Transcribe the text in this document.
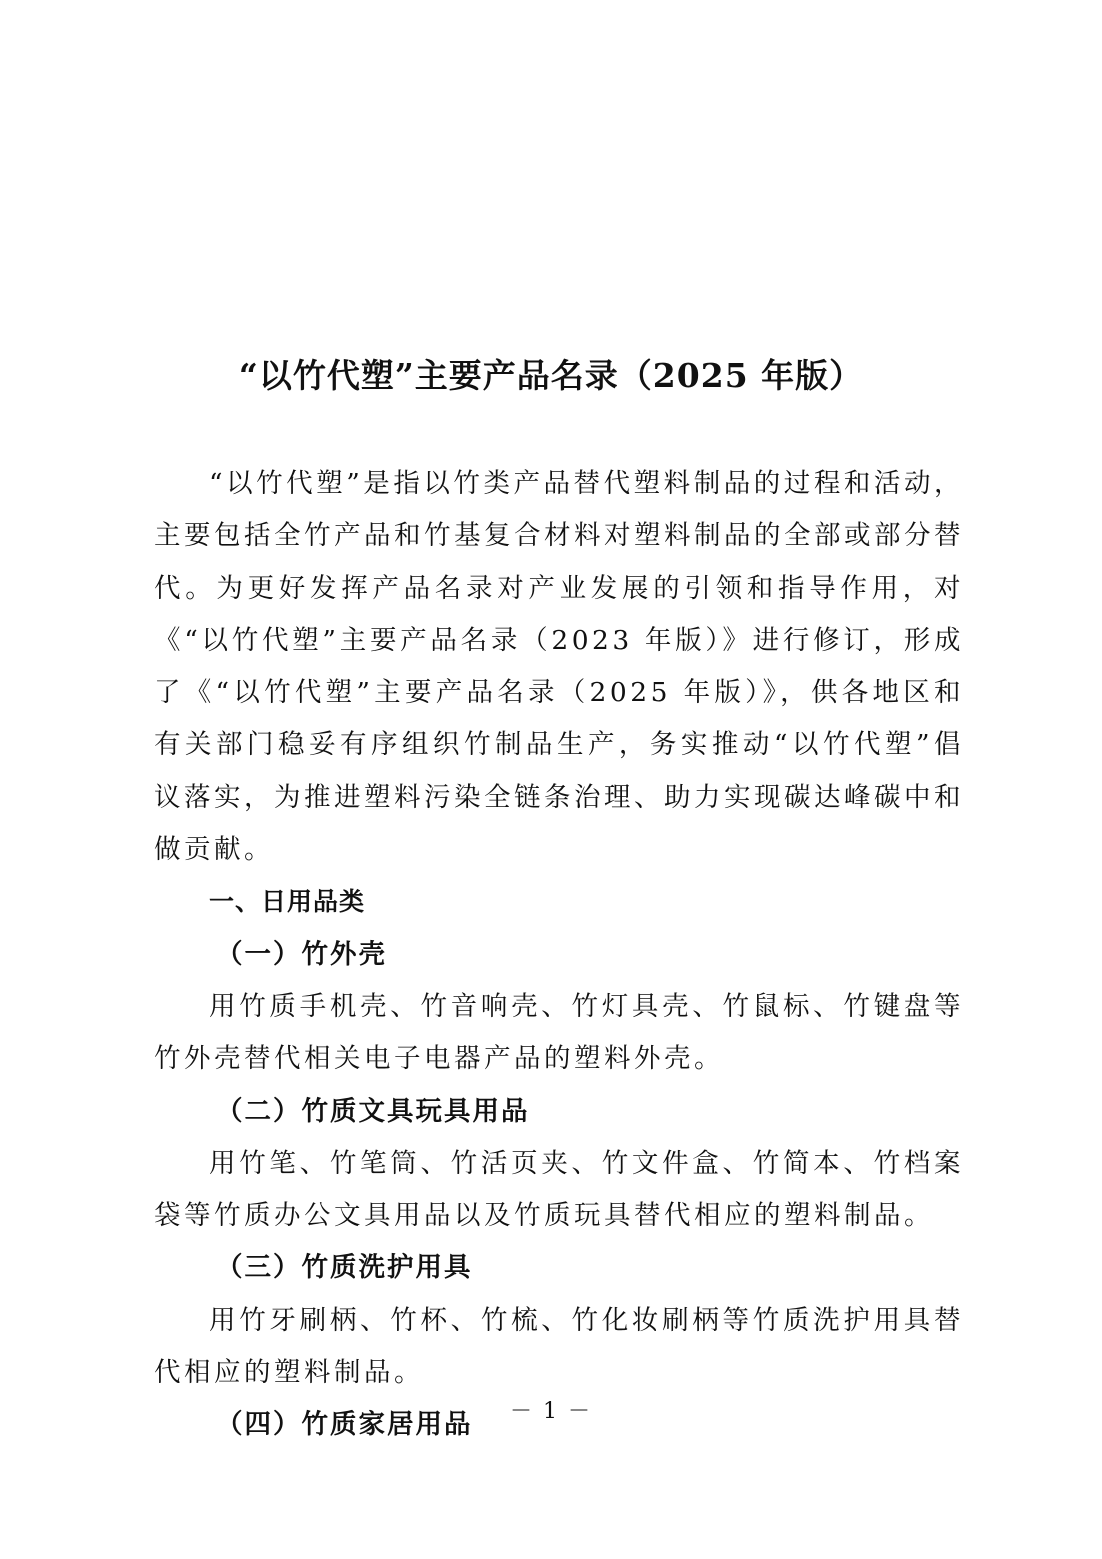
“以竹代塑”主要产品名录（2025 年版）

“以竹代塑”是指以竹类产品替代塑料制品的过程和活动，主要包括全竹产品和竹基复合材料对塑料制品的全部或部分替代。为更好发挥产品名录对产业发展的引领和指导作用，对《“以竹代塑”主要产品名录（2023 年版）》进行修订，形成了《“以竹代塑”主要产品名录（2025 年版）》，供各地区和有关部门稳妥有序组织竹制品生产，务实推动“以竹代塑”倡议落实，为推进塑料污染全链条治理、助力实现碳达峰碳中和做贡献。

一、日用品类

（一）竹外壳

用竹质手机壳、竹音响壳、竹灯具壳、竹鼠标、竹键盘等竹外壳替代相关电子电器产品的塑料外壳。

（二）竹质文具玩具用品

用竹笔、竹笔筒、竹活页夹、竹文件盒、竹简本、竹档案袋等竹质办公文具用品以及竹质玩具替代相应的塑料制品。

（三）竹质洗护用具

用竹牙刷柄、竹杯、竹梳、竹化妆刷柄等竹质洗护用具替代相应的塑料制品。

（四）竹质家居用品	－ 1 －
